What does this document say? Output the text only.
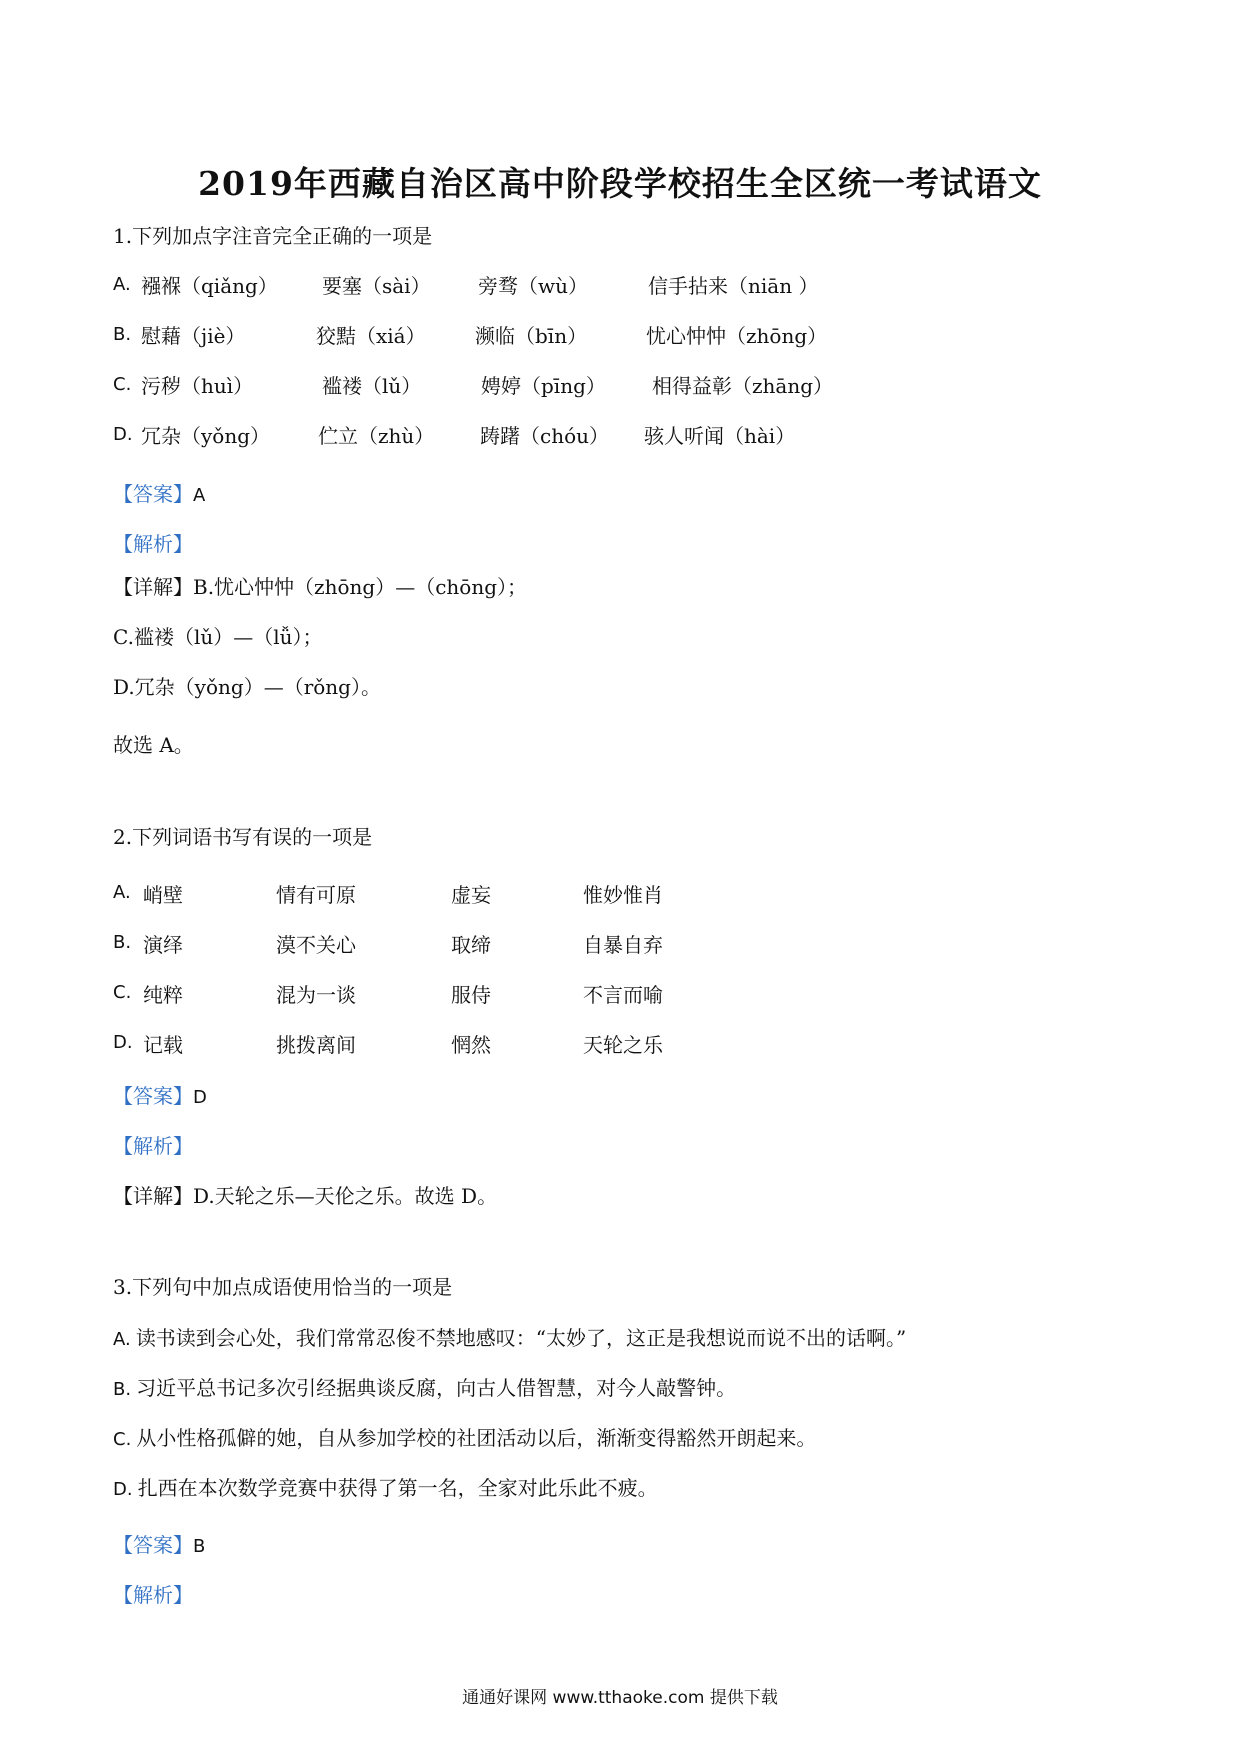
2019年西藏自治区高中阶段学校招生全区统一考试语文
1.下列加点字注音完全正确的一项是
A. 襁褓（qiǎng） 要塞（sài） 旁骛（wù）	信手拈来（niān ）
B. 慰藉（jiè）	狡黠（xiá） 濒临（bīn）	忧心忡忡（zhōng）
C. 污秽（huì）	褴褛（lǔ）	娉婷（pīng） 相得益彰（zhāng）
D. 冗杂（yǒng） 伫立（zhù） 踌躇（chóu） 骇人听闻（hài）
【答案】A
【解析】
【详解】B.忧心忡忡（zhōng）—（chōng）；
C.褴褛（lǔ）—（lǚ）；
D.冗杂（yǒng）—（rǒng）。
故选 A。
2.下列词语书写有误的一项是
A. 峭壁	情有可原	虚妄	惟妙惟肖
B. 演绎	漠不关心	取缔	自暴自弃
C. 纯粹	混为一谈	服侍	不言而喻
D. 记载	挑拨离间	惘然	天轮之乐
【答案】D
【解析】
【详解】D.天轮之乐—天伦之乐。故选 D。
3.下列句中加点成语使用恰当的一项是
A. 读书读到会心处，我们常常忍俊不禁地感叹：“太妙了，这正是我想说而说不出的话啊。”
B. 习近平总书记多次引经据典谈反腐，向古人借智慧，对今人敲警钟。
C. 从小性格孤僻的她，自从参加学校的社团活动以后，渐渐变得豁然开朗起来。
D. 扎西在本次数学竞赛中获得了第一名，全家对此乐此不疲。
【答案】B
【解析】
通通好课网 www.tthaoke.com 提供下载
